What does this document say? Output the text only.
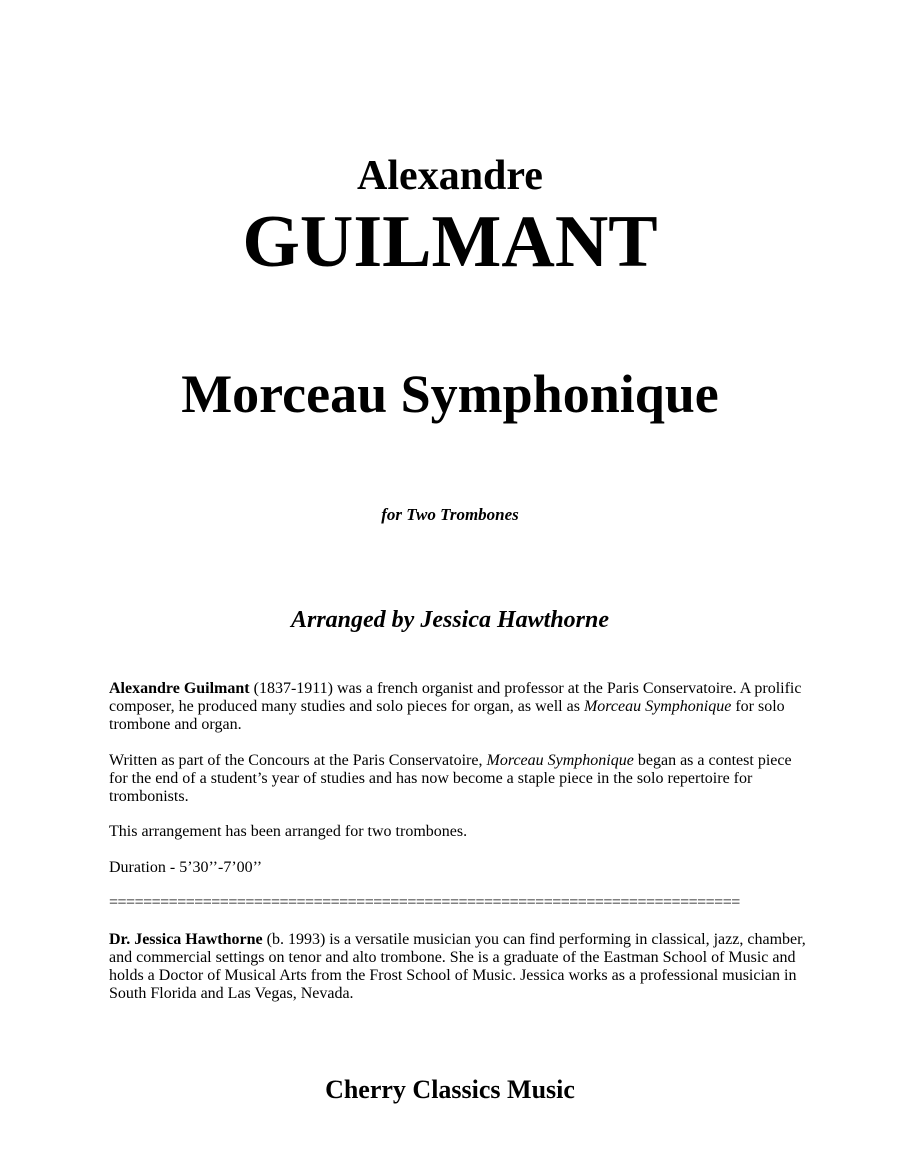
Alexandre
GUILMANT
Morceau Symphonique
for Two Trombones
Arranged by Jessica Hawthorne

Alexandre Guilmant (1837-1911) was a french organist and professor at the Paris Conservatoire. A prolific composer, he produced many studies and solo pieces for organ, as well as Morceau Symphonique for solo trombone and organ.

Written as part of the Concours at the Paris Conservatoire, Morceau Symphonique began as a contest piece for the end of a student’s year of studies and has now become a staple piece in the solo repertoire for trombonists.

This arrangement has been arranged for two trombones.

Duration - 5’30’’-7’00’’

==========================================================================

Dr. Jessica Hawthorne (b. 1993) is a versatile musician you can find performing in classical, jazz, chamber, and commercial settings on tenor and alto trombone. She is a graduate of the Eastman School of Music and holds a Doctor of Musical Arts from the Frost School of Music. Jessica works as a professional musician in South Florida and Las Vegas, Nevada.

Cherry Classics Music
